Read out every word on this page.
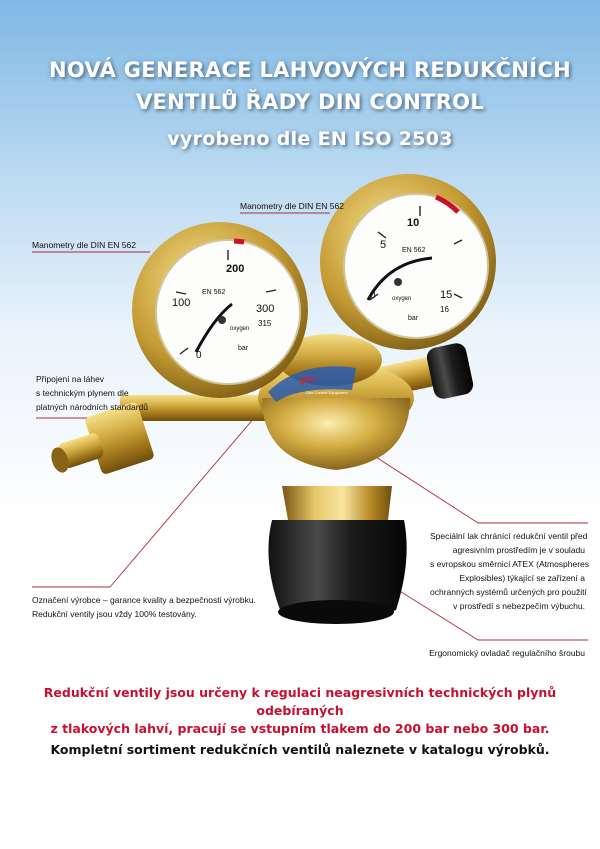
NOVÁ GENERACE LAHVOVÝCH REDUKČNÍCH
VENTILŮ ŘADY DIN CONTROL
vyrobeno dle EN ISO 2503
gce
0
5
10
15
16
EN 562
oxygen
bar
0
100
200
300
315
EN 562
oxygen
bar
Gas Control Equipment
Manometry dle DIN EN 562
Manometry dle DIN EN 562
Připojení na láhev
s technickým plynem dle
platných národních standardů
Označení výrobce – garance kvality a bezpečnosti výrobku.
Redukční ventily jsou vždy 100% testovány.
Speciální lak chránící redukční ventil před
agresivním prostředím je v souladu
s evropskou směrnicí ATEX (Atmospheres
Explosibles) týkající se zařízení a
ochranných systémů určených pro použití
v prostředí s nebezpečím výbuchu.
Ergonomický ovladač regulačního šroubu
Redukční ventily jsou určeny k regulaci neagresivních technických plynů odebíraných
z tlakových lahví, pracují se vstupním tlakem do 200 bar nebo 300 bar.
Kompletní sortiment redukčních ventilů naleznete v katalogu výrobků.
